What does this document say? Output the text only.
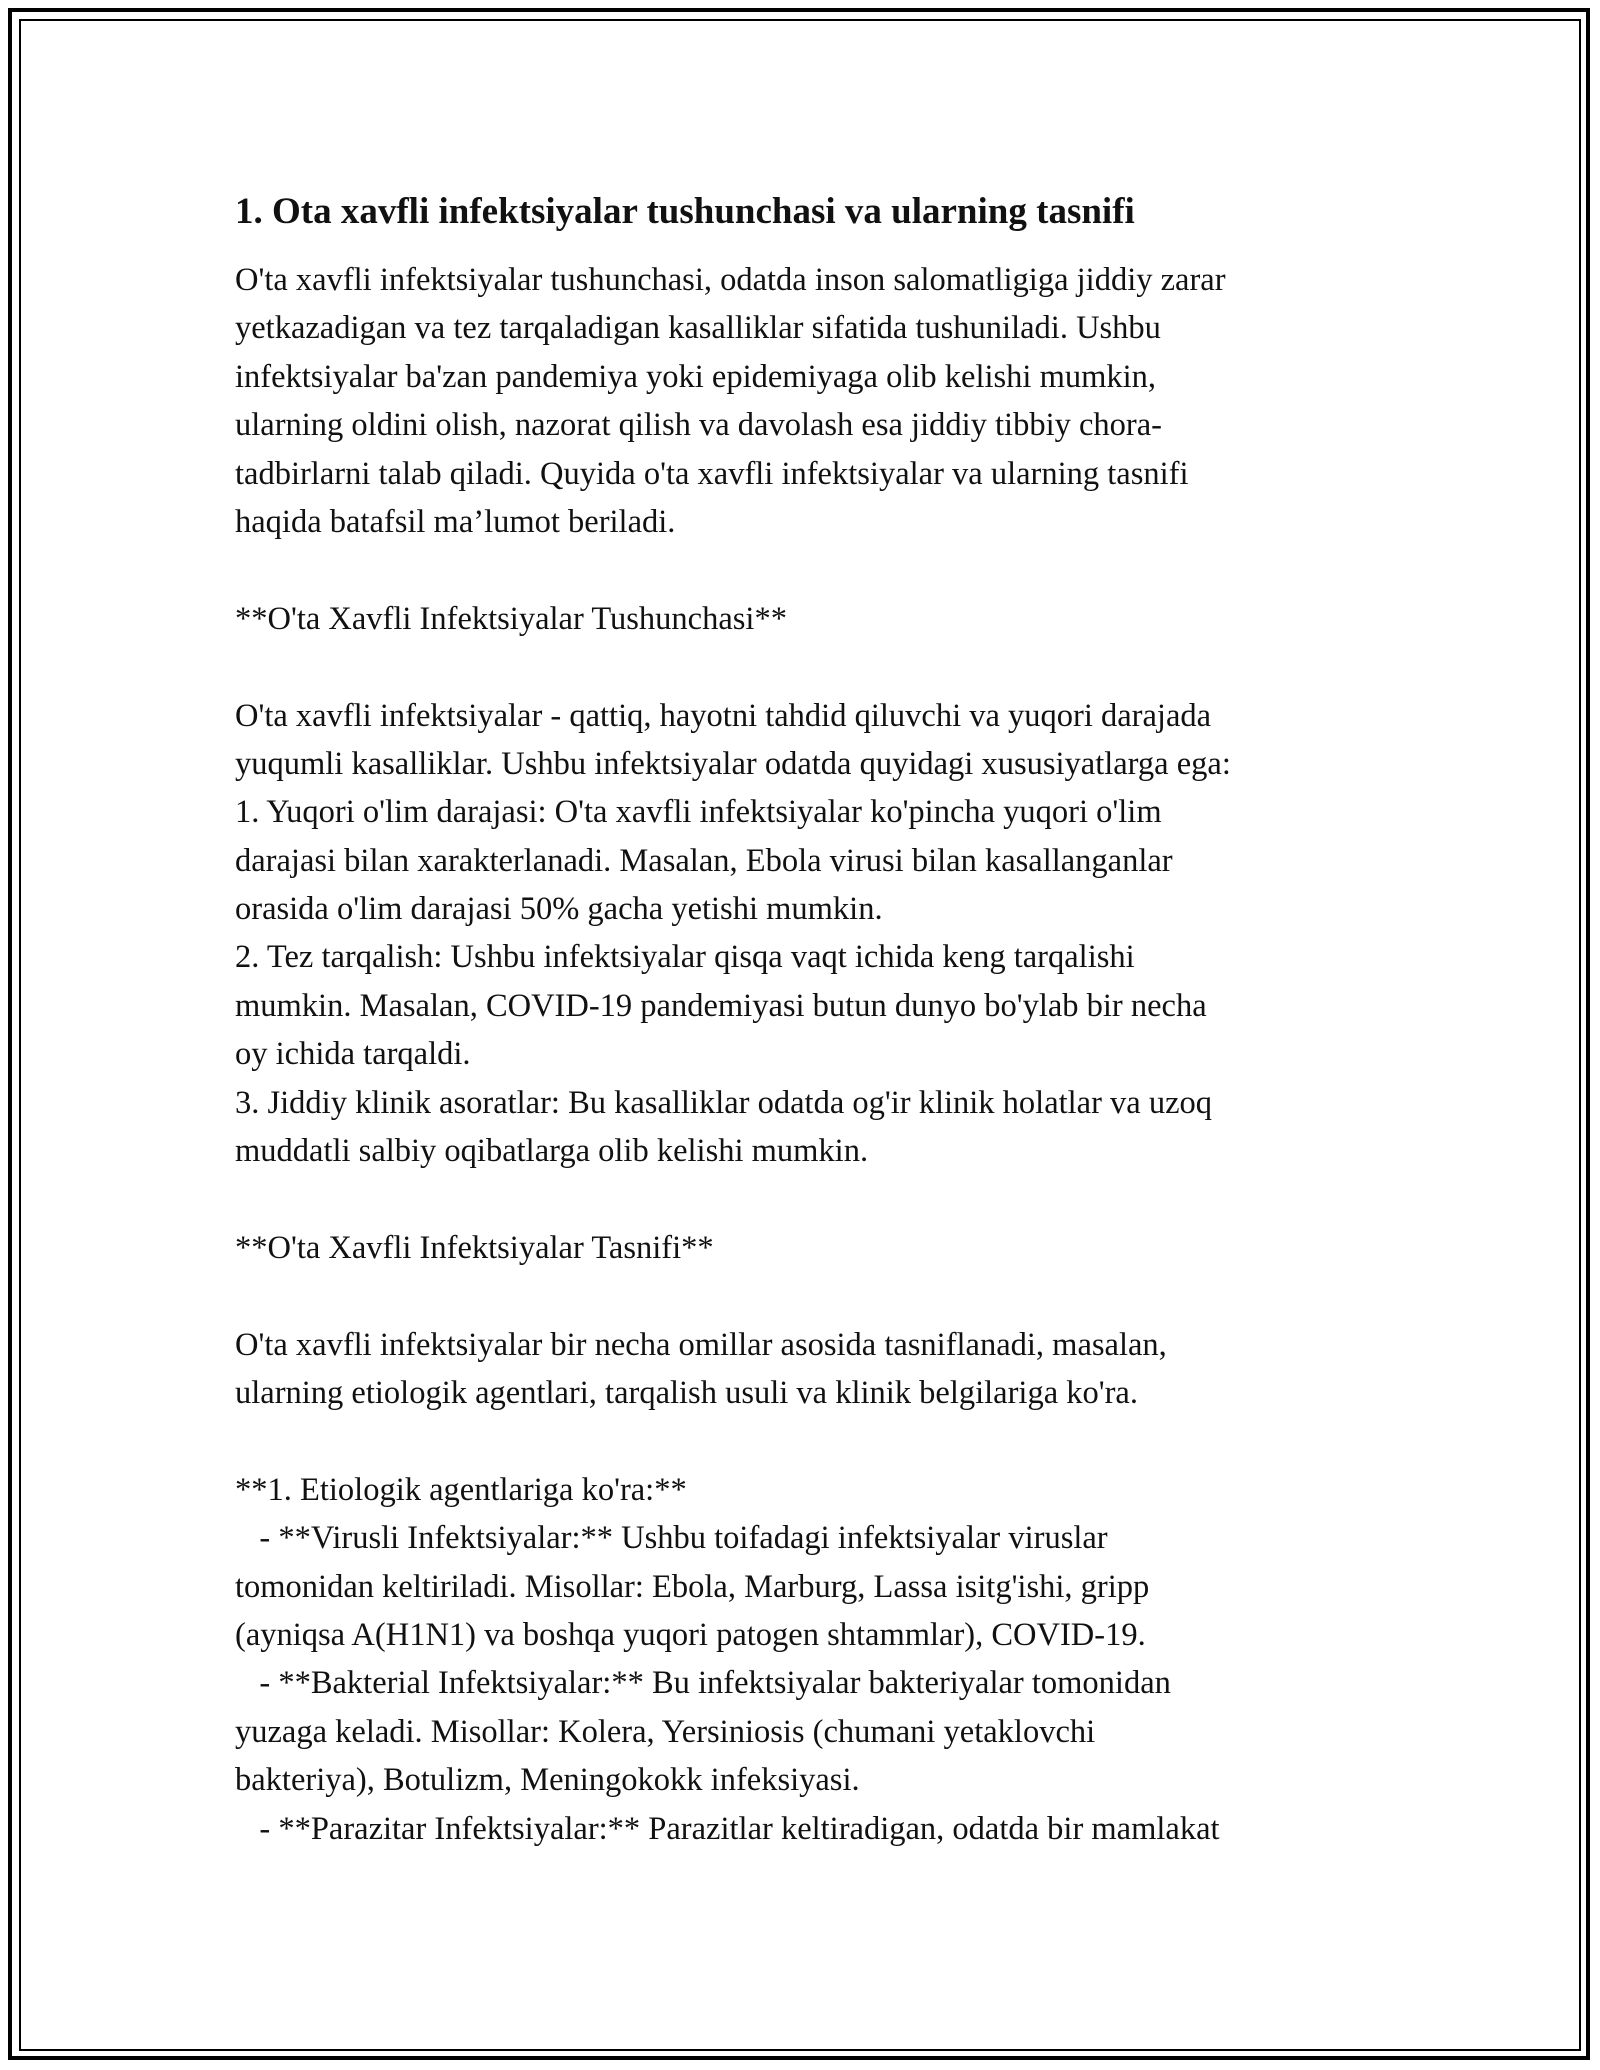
1. Ota xavfli infektsiyalar tushunchasi va ularning tasnifi
O'ta xavfli infektsiyalar tushunchasi, odatda inson salomatligiga jiddiy zarar
yetkazadigan va tez tarqaladigan kasalliklar sifatida tushuniladi. Ushbu
infektsiyalar ba'zan pandemiya yoki epidemiyaga olib kelishi mumkin,
ularning oldini olish, nazorat qilish va davolash esa jiddiy tibbiy chora-
tadbirlarni talab qiladi. Quyida o'ta xavfli infektsiyalar va ularning tasnifi
haqida batafsil ma’lumot beriladi.
**O'ta Xavfli Infektsiyalar Tushunchasi**
O'ta xavfli infektsiyalar - qattiq, hayotni tahdid qiluvchi va yuqori darajada
yuqumli kasalliklar. Ushbu infektsiyalar odatda quyidagi xususiyatlarga ega:
1. Yuqori o'lim darajasi: O'ta xavfli infektsiyalar ko'pincha yuqori o'lim
darajasi bilan xarakterlanadi. Masalan, Ebola virusi bilan kasallanganlar
orasida o'lim darajasi 50% gacha yetishi mumkin.
2. Tez tarqalish: Ushbu infektsiyalar qisqa vaqt ichida keng tarqalishi
mumkin. Masalan, COVID-19 pandemiyasi butun dunyo bo'ylab bir necha
oy ichida tarqaldi.
3. Jiddiy klinik asoratlar: Bu kasalliklar odatda og'ir klinik holatlar va uzoq
muddatli salbiy oqibatlarga olib kelishi mumkin.
**O'ta Xavfli Infektsiyalar Tasnifi**
O'ta xavfli infektsiyalar bir necha omillar asosida tasniflanadi, masalan,
ularning etiologik agentlari, tarqalish usuli va klinik belgilariga ko'ra.
**1. Etiologik agentlariga ko'ra:**
- **Virusli Infektsiyalar:** Ushbu toifadagi infektsiyalar viruslar
tomonidan keltiriladi. Misollar: Ebola, Marburg, Lassa isitg'ishi, gripp
(ayniqsa A(H1N1) va boshqa yuqori patogen shtammlar), COVID-19.
- **Bakterial Infektsiyalar:** Bu infektsiyalar bakteriyalar tomonidan
yuzaga keladi. Misollar: Kolera, Yersiniosis (chumani yetaklovchi
bakteriya), Botulizm, Meningokokk infeksiyasi.
- **Parazitar Infektsiyalar:** Parazitlar keltiradigan, odatda bir mamlakat
